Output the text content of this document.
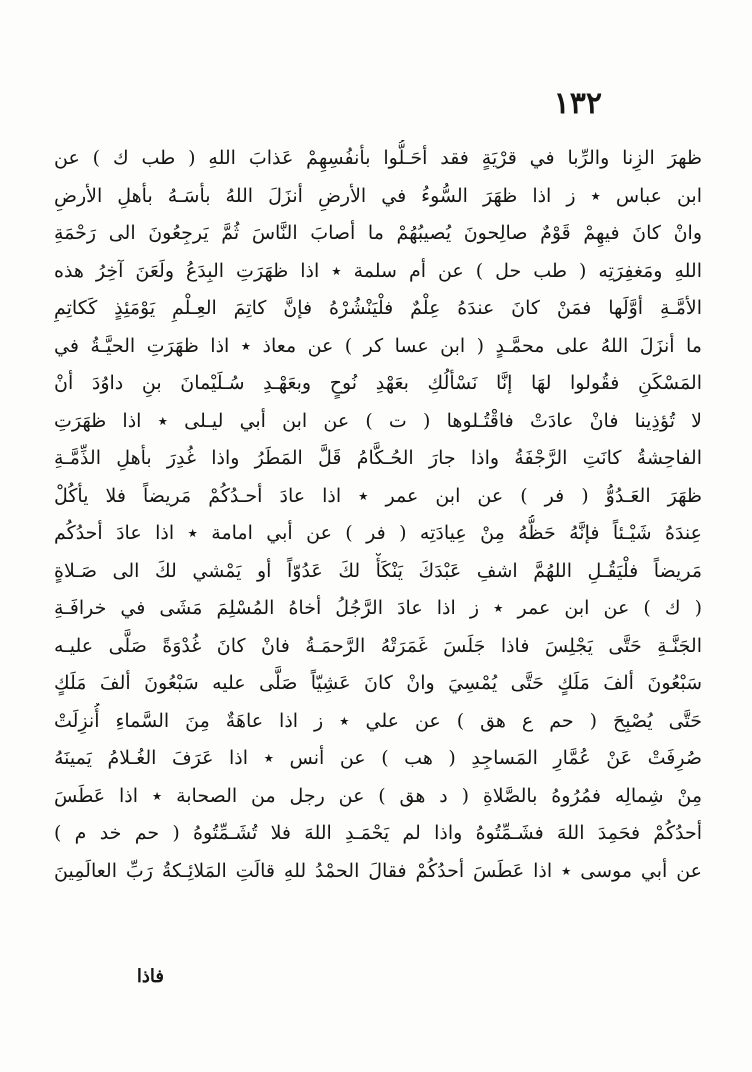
١٣٢
ظهرَ الزِنا والرِّبا في قرْيَةٍ فقد أحَـلُّوا بأنفُسِهِمْ عَذابَ اللهِ ( طب ك ) عن
ابن عباس ٭ ز اذا ظهَرَ السُّوءُ في الأرضِ أنزَلَ اللهُ بأسَـهُ بأهلِ الأرضِ
وانْ كانَ فيهِمْ قَوْمٌ صالِحونَ يُصيبُهُمْ ما أصابَ النَّاسَ ثُمَّ يَرجِعُونَ الى رَحْمَةِ
اللهِ ومَغفِرَتِه ( طب حل ) عن أم سلمة ٭ اذا ظهَرَتِ البِدَعُ ولَعَنَ آخِرُ هذه
الأمَّـةِ أوَّلَها فمَنْ كانَ عندَهُ عِلْمٌ فلْيَنْشُرْهُ فإنَّ كاتِمَ العِـلْمِ يَوْمَئِذٍ كَكاتِمِ
ما أنزَلَ اللهُ على محمَّـدٍ ( ابن عسا كر ) عن معاذ ٭ اذا ظهَرَتِ الحيَّـةُ في
المَسْكَنِ فقُولوا لهَا إنَّا نَسْألُكِ بعَهْدِ نُوحٍ وبعَهْـدِ سُـلَيْمانَ بنِ داوُدَ أنْ
لا تُؤذِينا فانْ عادَتْ فاقْتُـلوها ( ت ) عن ابن أبي ليـلى ٭ اذا ظهَرَتِ
الفاحِشةُ كانَتِ الرَّجْفَةُ واذا جارَ الحُـكَّامُ قَلَّ المَطَرُ واذا غُدِرَ بأهلِ الذِّمَّـةِ
ظهَرَ العَـدُوُّ ( فر ) عن ابن عمر ٭ اذا عادَ أحـدُكُمْ مَريضاً فلا يأكُلْ
عِندَهُ شَيْـئاً فإنَّهُ حَظُّهُ مِنْ عِيادَتِه ( فر ) عن أبي امامة ٭ اذا عادَ أحدُكُم
مَريضاً فلْيَقُـلِ اللهُمَّ اشفِ عَبْدَكَ يَنْكَأْ لكَ عَدُوّاً أو يَمْشي لكَ الى صَـلاةٍ
( ك ) عن ابن عمر ٭ ز اذا عادَ الرَّجُلُ أخاهُ المُسْلِمَ مَشَى في خرافَـةِ
الجَنَّـةِ حَتَّى يَجْلِسَ فاذا جَلَسَ غَمَرَتْهُ الرَّحمَـةُ فانْ كانَ غُدْوَةً صَلَّى عليـه
سَبْعُونَ ألفَ مَلَكٍ حَتَّى يُمْسِيَ وانْ كانَ عَشِيّاً صَلَّى عليه سَبْعُونَ ألفَ مَلَكٍ
حَتَّى يُصْبِحَ ( حم ع هق ) عن علي ٭ ز اذا عاهَةٌ مِنَ السَّماءِ أُنزِلَتْ
صُرِفَتْ عَنْ عُمَّارِ المَساجِدِ ( هب ) عن أنس ٭ اذا عَرَفَ الغُـلامُ يَمينَهُ
مِنْ شِمالِه فمُرُوهُ بالصَّلاةِ ( د هق ) عن رجل من الصحابة ٭ اذا عَطَسَ
أحدُكُمْ فحَمِدَ اللهَ فشَـمِّتُوهُ واذا لم يَحْمَـدِ اللهَ فلا تُشَـمِّتُوهُ ( حم خد م )
عن أبي موسى ٭ اذا عَطَسَ أحدُكُمْ فقالَ الحمْدُ للهِ قالَتِ المَلائِـكةُ رَبِّ العالَمِينَ
فاذا
